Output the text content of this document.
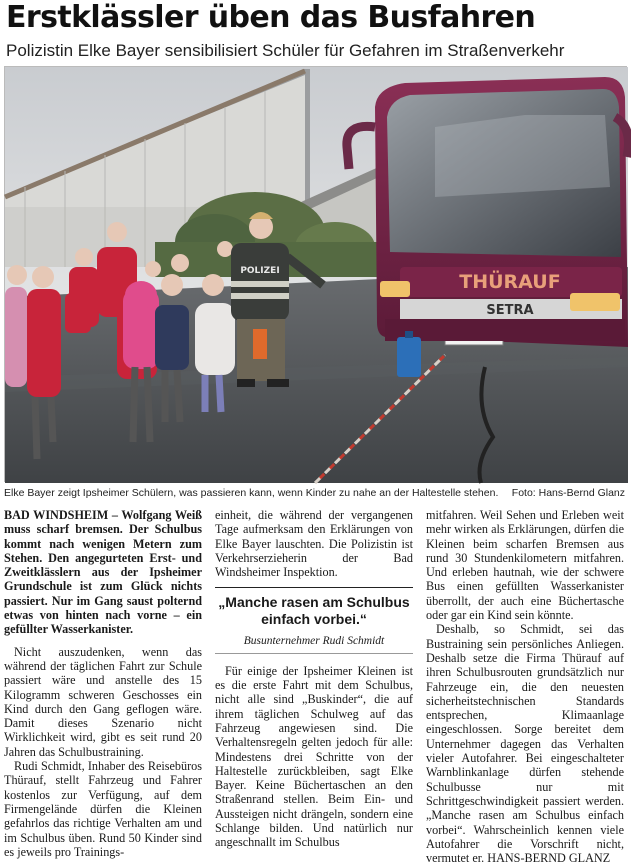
Erstklässler üben das Busfahren
Polizistin Elke Bayer sensibilisiert Schüler für Gefahren im Straßenverkehr
THÜRAUF
SETRA
POLIZEI
Elke Bayer zeigt Ipsheimer Schülern, was passieren kann, wenn Kinder zu nahe an der Haltestelle stehen. Foto: Hans-Bernd Glanz

BAD WINDSHEIM – Wolfgang Weiß muss scharf bremsen. Der Schulbus kommt nach wenigen Metern zum Stehen. Den angegurteten Erst- und Zweitklässlern aus der Ipsheimer Grundschule ist zum Glück nichts passiert. Nur im Gang saust polternd etwas von hinten nach vorne – ein gefüllter Wasserkanister.

Nicht auszudenken, wenn das während der täglichen Fahrt zur Schule passiert wäre und anstelle des 15 Kilogramm schweren Geschosses ein Kind durch den Gang geflogen wäre. Damit dieses Szenario nicht Wirklichkeit wird, gibt es seit rund 20 Jahren das Schulbustraining.

Rudi Schmidt, Inhaber des Reisebüros Thürauf, stellt Fahrzeug und Fahrer kostenlos zur Verfügung, auf dem Firmengelände dürfen die Kleinen gefahrlos das richtige Verhalten am und im Schulbus üben. Rund 50 Kinder sind es jeweils pro Trainings-

einheit, die während der vergangenen Tage aufmerksam den Erklärungen von Elke Bayer lauschten. Die Polizistin ist Verkehrserzieherin der Bad Windsheimer Inspektion.

„Manche rasen am Schulbus einfach vorbei.“
Busunternehmer Rudi Schmidt

Für einige der Ipsheimer Kleinen ist es die erste Fahrt mit dem Schulbus, nicht alle sind „Buskinder“, die auf ihrem täglichen Schulweg auf das Fahrzeug angewiesen sind. Die Verhaltensregeln gelten jedoch für alle: Mindestens drei Schritte von der Haltestelle zurückbleiben, sagt Elke Bayer. Keine Büchertaschen an den Straßenrand stellen. Beim Ein- und Aussteigen nicht drängeln, sondern eine Schlange bilden. Und natürlich nur angeschnallt im Schulbus

mitfahren. Weil Sehen und Erleben weit mehr wirken als Erklärungen, dürfen die Kleinen beim scharfen Bremsen aus rund 30 Stundenkilometern mitfahren. Und erleben hautnah, wie der schwere Bus einen gefüllten Wasserkanister überrollt, der auch eine Büchertasche oder gar ein Kind sein könnte.

Deshalb, so Schmidt, sei das Bustraining sein persönliches Anliegen. Deshalb setze die Firma Thürauf auf ihren Schulbusrouten grundsätzlich nur Fahrzeuge ein, die den neuesten sicherheitstechnischen Standards entsprechen, Klimaanlage eingeschlossen. Sorge bereitet dem Unternehmer dagegen das Verhalten vieler Autofahrer. Bei eingeschalteter Warnblinkanlage dürfen stehende Schulbusse nur mit Schrittgeschwindigkeit passiert werden. „Manche rasen am Schulbus einfach vorbei“. Wahrscheinlich kennen viele Autofahrer die Vorschrift nicht, vermutet er. HANS-BERND GLANZ
